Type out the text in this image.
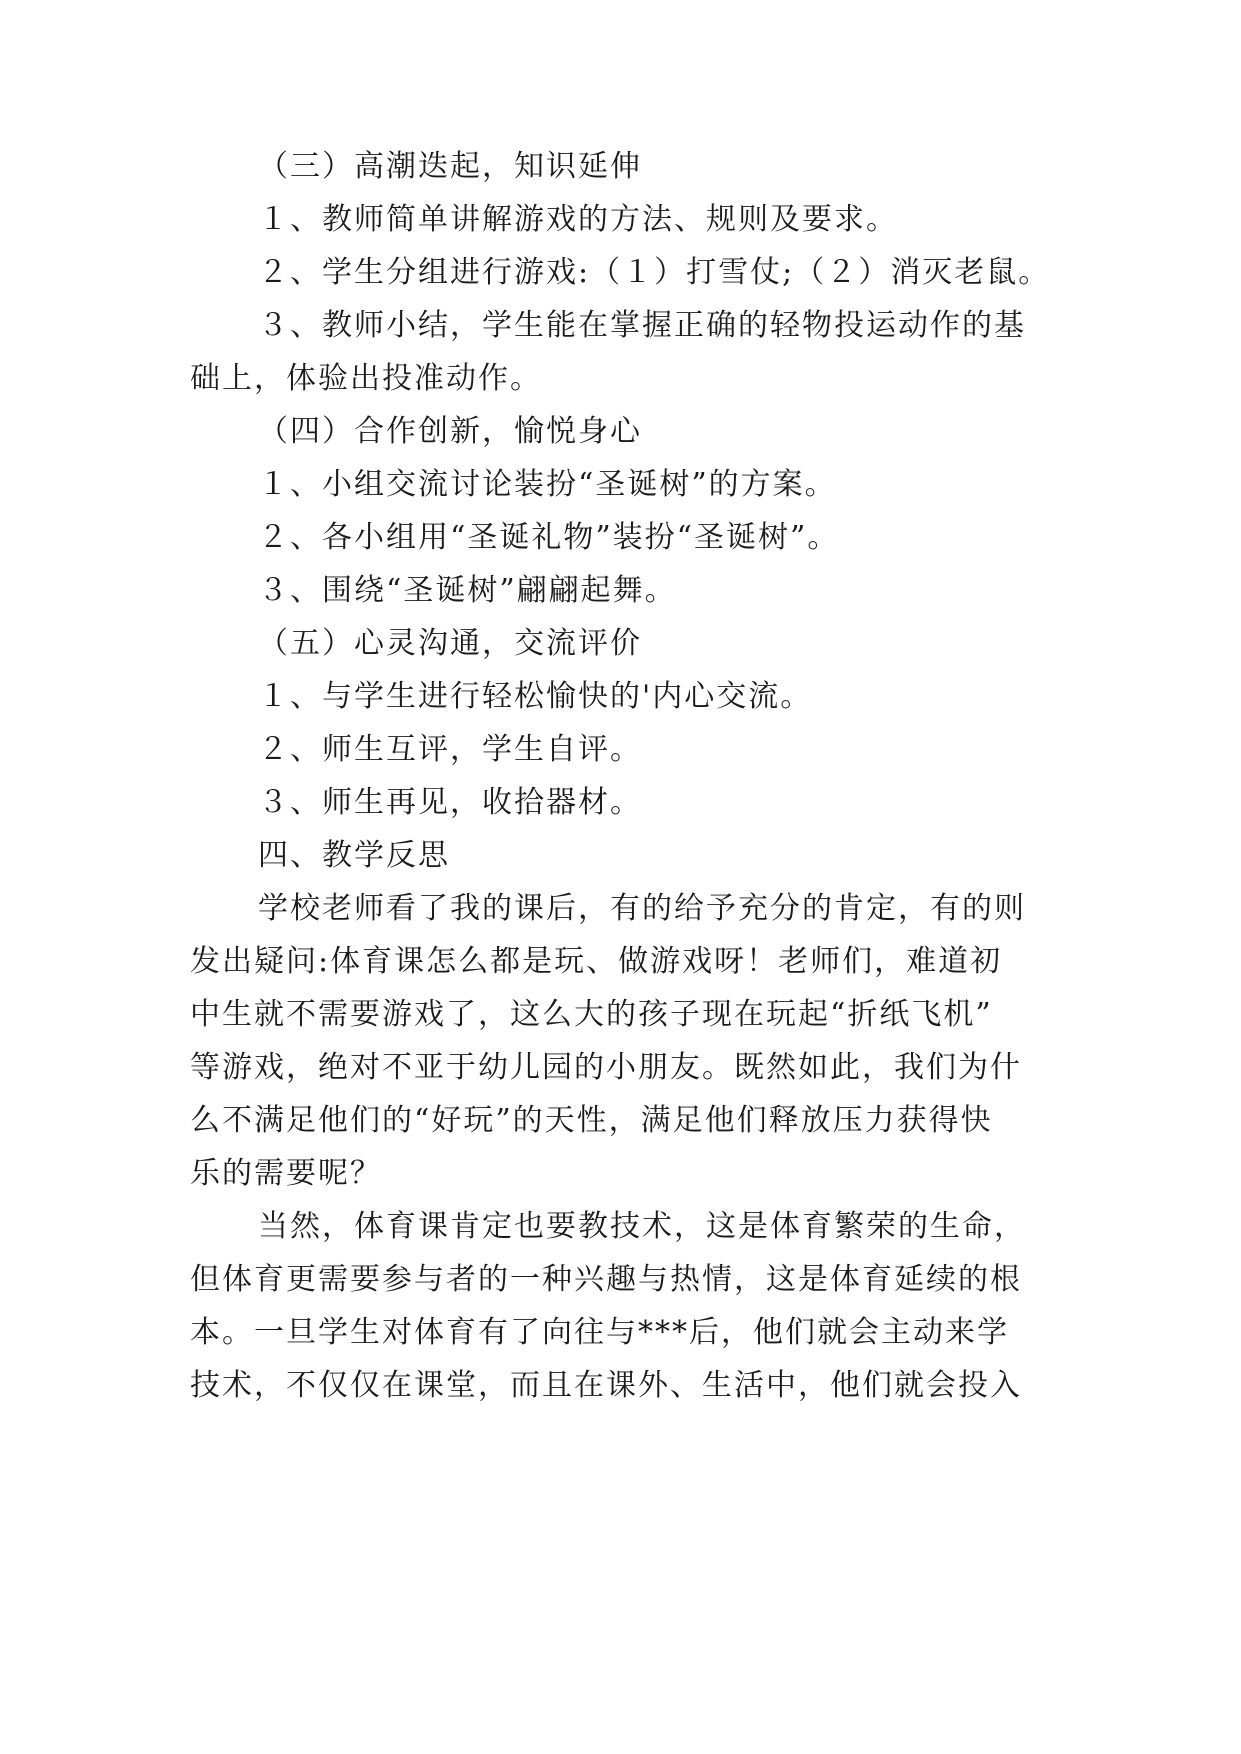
（三）高潮迭起，知识延伸
１、教师简单讲解游戏的方法、规则及要求。
２、学生分组进行游戏:（１）打雪仗;（２）消灭老鼠。
３、教师小结，学生能在掌握正确的轻物投运动作的基
础上，体验出投准动作。
（四）合作创新，愉悦身心
１、小组交流讨论装扮“圣诞树”的方案。
２、各小组用“圣诞礼物”装扮“圣诞树”。
３、围绕“圣诞树”翩翩起舞。
（五）心灵沟通，交流评价
１、与学生进行轻松愉快的'内心交流。
２、师生互评，学生自评。
３、师生再见，收拾器材。
四、教学反思
学校老师看了我的课后，有的给予充分的肯定，有的则
发出疑问:体育课怎么都是玩、做游戏呀！老师们，难道初
中生就不需要游戏了，这么大的孩子现在玩起“折纸飞机”
等游戏，绝对不亚于幼儿园的小朋友。既然如此，我们为什
么不满足他们的“好玩”的天性，满足他们释放压力获得快
乐的需要呢？
当然，体育课肯定也要教技术，这是体育繁荣的生命，
但体育更需要参与者的一种兴趣与热情，这是体育延续的根
本。一旦学生对体育有了向往与***后，他们就会主动来学
技术，不仅仅在课堂，而且在课外、生活中，他们就会投入
